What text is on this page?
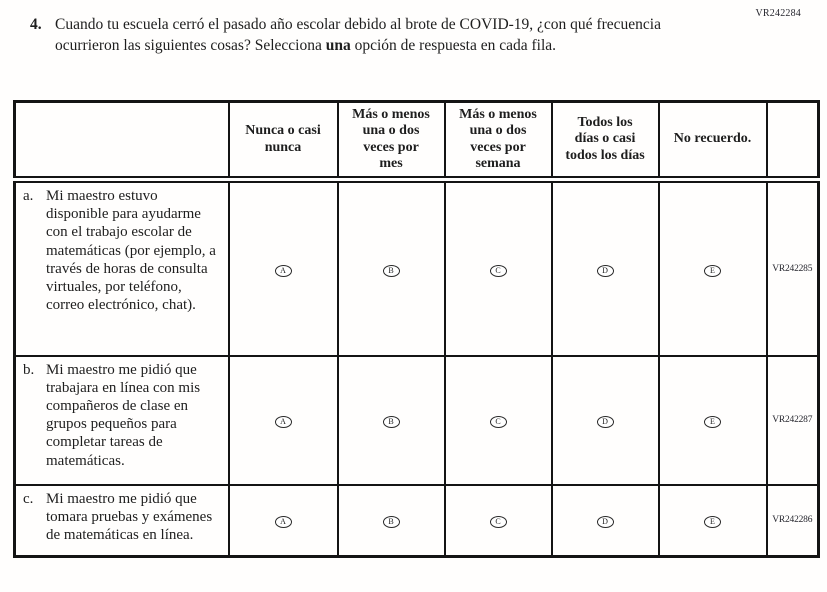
VR242284
4. Cuando tu escuela cerró el pasado año escolar debido al brote de COVID-19, ¿con qué frecuencia ocurrieron las siguientes cosas? Selecciona una opción de respuesta en cada fila.
	Nunca o casi nunca	Más o menos una o dos veces por mes	Más o menos una o dos veces por semana	Todos los días o casi todos los días	No recuerdo.	

a. Mi maestro estuvo disponible para ayudarme con el trabajo escolar de matemáticas (por ejemplo, a través de horas de consulta virtuales, por teléfono, correo electrónico, chat).	A	B	C	D	E	VR242285

b. Mi maestro me pidió que trabajara en línea con mis compañeros de clase en grupos pequeños para completar tareas de matemáticas.	A	B	C	D	E	VR242287

c. Mi maestro me pidió que tomara pruebas y exámenes de matemáticas en línea.	A	B	C	D	E	VR242286
